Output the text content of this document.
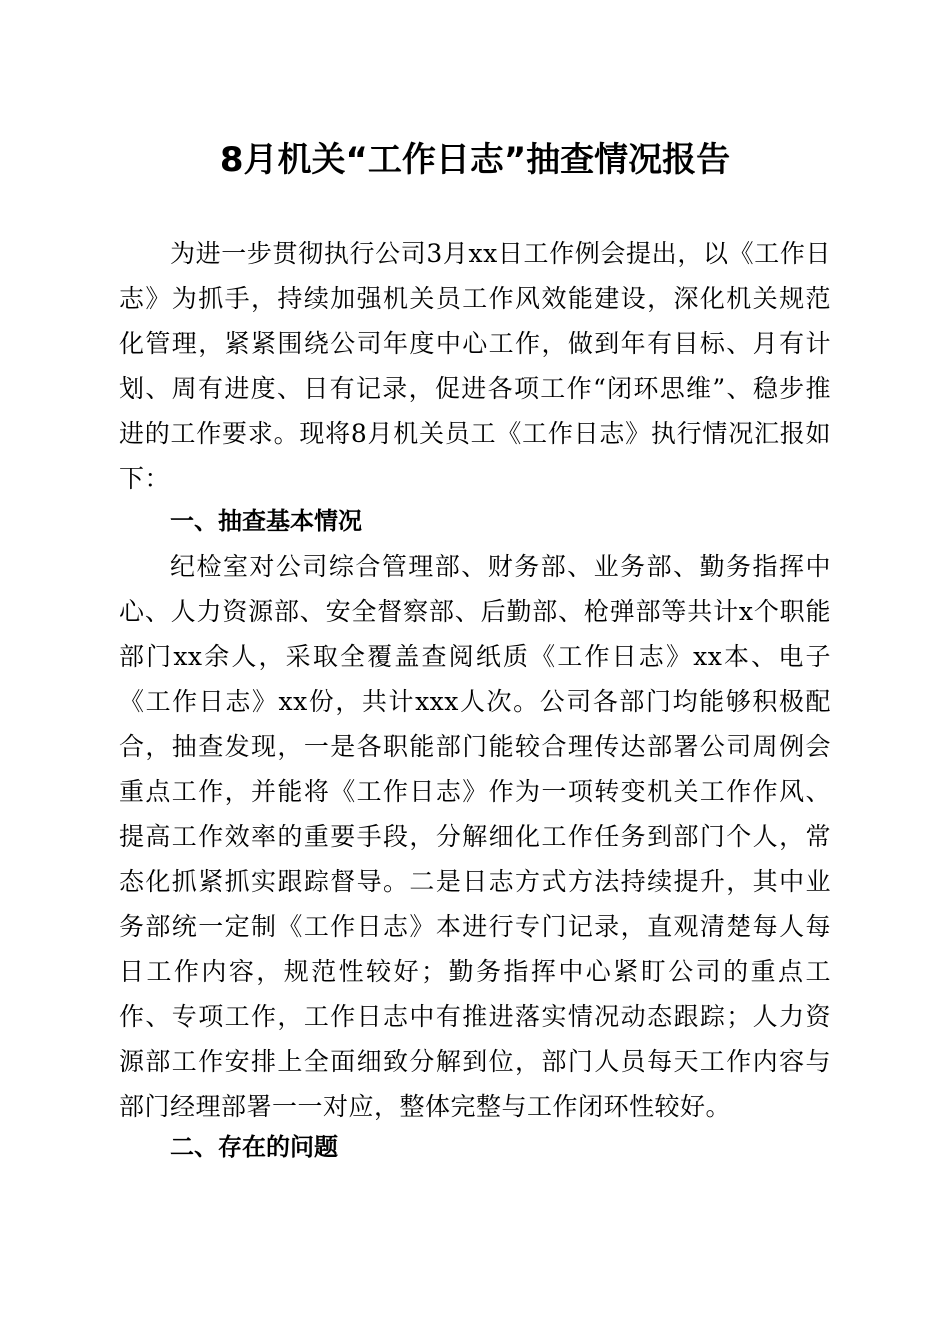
8月机关“工作日志”抽查情况报告

为进一步贯彻执行公司3月xx日工作例会提出，以《工作日志》为抓手，持续加强机关员工作风效能建设，深化机关规范化管理，紧紧围绕公司年度中心工作，做到年有目标、月有计划、周有进度、日有记录，促进各项工作“闭环思维”、稳步推进的工作要求。现将8月机关员工《工作日志》执行情况汇报如下：

一、抽查基本情况

纪检室对公司综合管理部、财务部、业务部、勤务指挥中心、人力资源部、安全督察部、后勤部、枪弹部等共计x个职能部门xx余人，采取全覆盖查阅纸质《工作日志》xx本、电子《工作日志》xx份，共计xxx人次。公司各部门均能够积极配合，抽查发现，一是各职能部门能较合理传达部署公司周例会重点工作，并能将《工作日志》作为一项转变机关工作作风、提高工作效率的重要手段，分解细化工作任务到部门个人，常态化抓紧抓实跟踪督导。二是日志方式方法持续提升，其中业务部统一定制《工作日志》本进行专门记录，直观清楚每人每日工作内容，规范性较好；勤务指挥中心紧盯公司的重点工作、专项工作，工作日志中有推进落实情况动态跟踪；人力资源部工作安排上全面细致分解到位，部门人员每天工作内容与部门经理部署一一对应，整体完整与工作闭环性较好。

二、存在的问题
